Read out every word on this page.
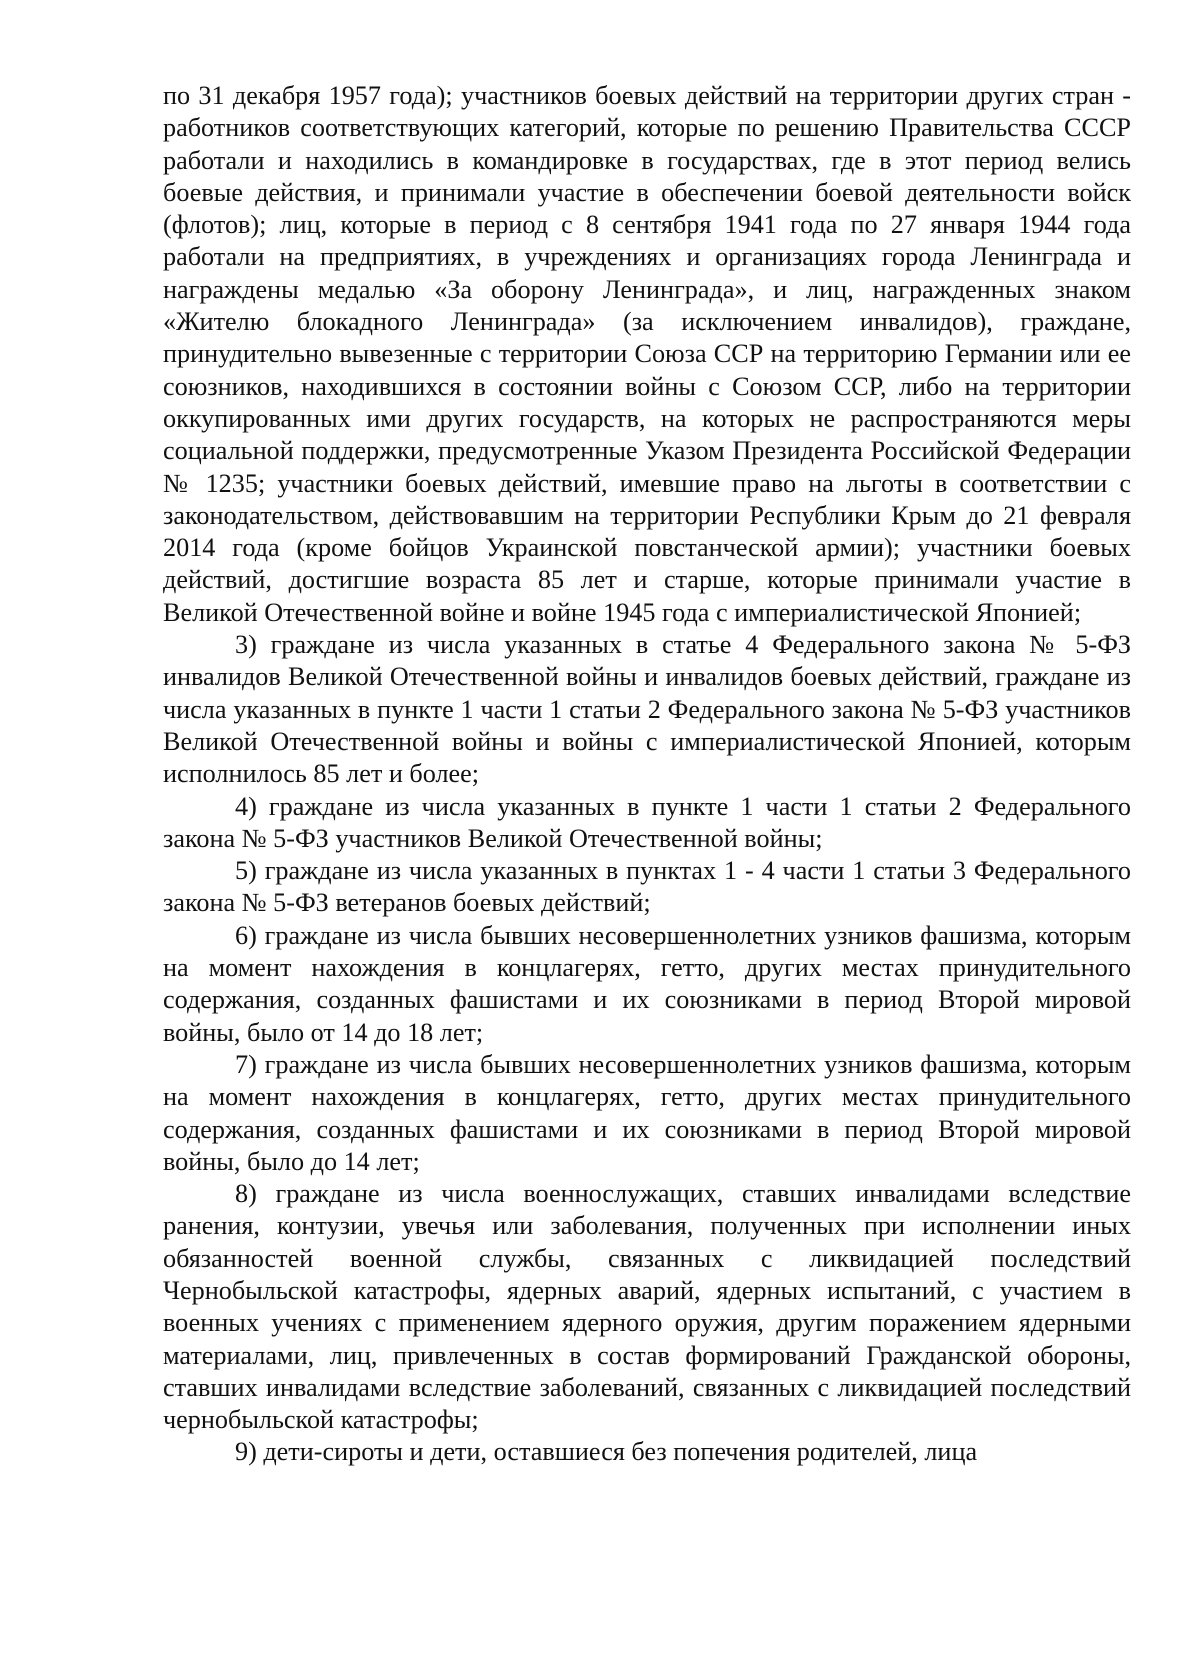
по 31 декабря 1957 года); участников боевых действий на территории других стран - работников соответствующих категорий, которые по решению Правительства СССР работали и находились в командировке в государствах, где в этот период велись боевые действия, и принимали участие в обеспечении боевой деятельности войск (флотов); лиц, которые в период с 8 сентября 1941 года по 27 января 1944 года работали на предприятиях, в учреждениях и организациях города Ленинграда и награждены медалью «За оборону Ленинграда», и лиц, награжденных знаком «Жителю блокадного Ленинграда» (за исключением инвалидов), граждане, принудительно вывезенные с территории Союза ССР на территорию Германии или ее союзников, находившихся в состоянии войны с Союзом ССР, либо на территории оккупированных ими других государств, на которых не распространяются меры социальной поддержки, предусмотренные Указом Президента Российской Федерации № 1235; участники боевых действий, имевшие право на льготы в соответствии с законодательством, действовавшим на территории Республики Крым до 21 февраля 2014 года (кроме бойцов Украинской повстанческой армии); участники боевых действий, достигшие возраста 85 лет и старше, которые принимали участие в Великой Отечественной войне и войне 1945 года с империалистической Японией;

3) граждане из числа указанных в статье 4 Федерального закона № 5-ФЗ инвалидов Великой Отечественной войны и инвалидов боевых действий, граждане из числа указанных в пункте 1 части 1 статьи 2 Федерального закона № 5-ФЗ участников Великой Отечественной войны и войны с империалистической Японией, которым исполнилось 85 лет и более;

4) граждане из числа указанных в пункте 1 части 1 статьи 2 Федерального закона № 5-ФЗ участников Великой Отечественной войны;

5) граждане из числа указанных в пунктах 1 - 4 части 1 статьи 3 Федерального закона № 5-ФЗ ветеранов боевых действий;

6) граждане из числа бывших несовершеннолетних узников фашизма, которым на момент нахождения в концлагерях, гетто, других местах принудительного содержания, созданных фашистами и их союзниками в период Второй мировой войны, было от 14 до 18 лет;

7) граждане из числа бывших несовершеннолетних узников фашизма, которым на момент нахождения в концлагерях, гетто, других местах принудительного содержания, созданных фашистами и их союзниками в период Второй мировой войны, было до 14 лет;

8) граждане из числа военнослужащих, ставших инвалидами вследствие ранения, контузии, увечья или заболевания, полученных при исполнении иных обязанностей военной службы, связанных с ликвидацией последствий Чернобыльской катастрофы, ядерных аварий, ядерных испытаний, с участием в военных учениях с применением ядерного оружия, другим поражением ядерными материалами, лиц, привлеченных в состав формирований Гражданской обороны, ставших инвалидами вследствие заболеваний, связанных с ликвидацией последствий чернобыльской катастрофы;

9) дети-сироты и дети, оставшиеся без попечения родителей, лица
